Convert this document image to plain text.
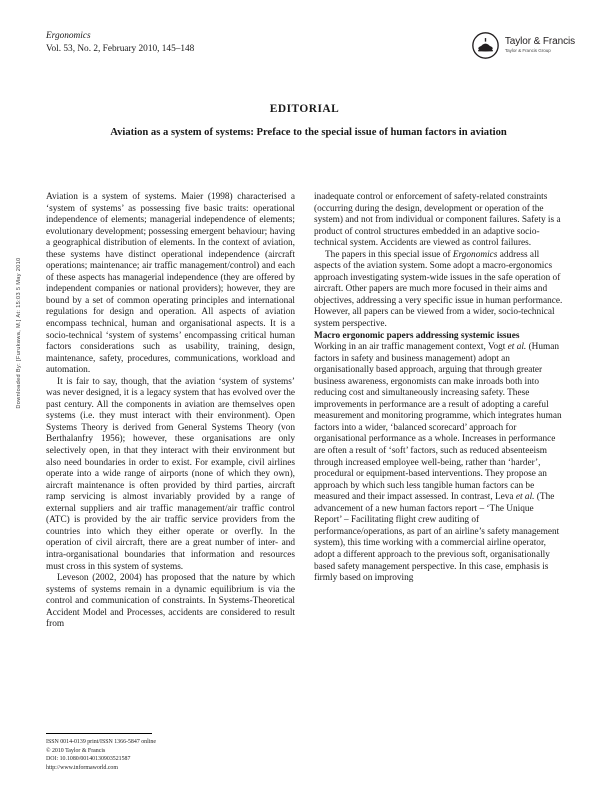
Downloaded By: [Furukawa, M.] At: 15:03 5 May 2010
Ergonomics
Vol. 53, No. 2, February 2010, 145–148
Taylor & Francis
Taylor & Francis Group
EDITORIAL
Aviation as a system of systems: Preface to the special issue of human factors in aviation

Aviation is a system of systems. Maier (1998) characterised a ‘system of systems’ as possessing five basic traits: operational independence of elements; managerial independence of elements; evolutionary development; possessing emergent behaviour; having a geographical distribution of elements. In the context of aviation, these systems have distinct operational independence (aircraft operations; maintenance; air traffic management/control) and each of these aspects has managerial independence (they are offered by independent companies or national providers); however, they are bound by a set of common operating principles and international regulations for design and operation. All aspects of aviation encompass technical, human and organisational aspects. It is a socio-technical ‘system of systems’ encompassing critical human factors considerations such as usability, training, design, maintenance, safety, procedures, communications, workload and automation.

It is fair to say, though, that the aviation ‘system of systems’ was never designed, it is a legacy system that has evolved over the past century. All the components in aviation are themselves open systems (i.e. they must interact with their environment). Open Systems Theory is derived from General Systems Theory (von Berthalanfry 1956); however, these organisations are only selectively open, in that they interact with their environment but also need boundaries in order to exist. For example, civil airlines operate into a wide range of airports (none of which they own), aircraft maintenance is often provided by third parties, aircraft ramp servicing is almost invariably provided by a range of external suppliers and air traffic management/air traffic control (ATC) is provided by the air traffic service providers from the countries into which they either operate or overfly. In the operation of civil aircraft, there are a great number of inter- and intra-organisational boundaries that information and resources must cross in this system of systems.

Leveson (2002, 2004) has proposed that the nature by which systems of systems remain in a dynamic equilibrium is via the control and communication of constraints. In Systems-Theoretical Accident Model and Processes, accidents are considered to result from

inadequate control or enforcement of safety-related constraints (occurring during the design, development or operation of the system) and not from individual or component failures. Safety is a product of control structures embedded in an adaptive socio-technical system. Accidents are viewed as control failures.

The papers in this special issue of Ergonomics address all aspects of the aviation system. Some adopt a macro-ergonomics approach investigating system-wide issues in the safe operation of aircraft. Other papers are much more focused in their aims and objectives, addressing a very specific issue in human performance. However, all papers can be viewed from a wider, socio-technical system perspective.

Macro ergonomic papers addressing systemic issues

Working in an air traffic management context, Vogt et al. (Human factors in safety and business management) adopt an organisationally based approach, arguing that through greater business awareness, ergonomists can make inroads both into reducing cost and simultaneously increasing safety. These improvements in performance are a result of adopting a careful measurement and monitoring programme, which integrates human factors into a wider, ‘balanced scorecard’ approach for organisational performance as a whole. Increases in performance are often a result of ‘soft’ factors, such as reduced absenteeism through increased employee well-being, rather than ‘harder’, procedural or equipment-based interventions. They propose an approach by which such less tangible human factors can be measured and their impact assessed. In contrast, Leva et al. (The advancement of a new human factors report – ‘The Unique Report’ – Facilitating flight crew auditing of performance/operations, as part of an airline’s safety management system), this time working with a commercial airline operator, adopt a different approach to the previous soft, organisationally based safety management perspective. In this case, emphasis is firmly based on improving

ISSN 0014-0139 print/ISSN 1366-5847 online
© 2010 Taylor & Francis
DOI: 10.1080/00140130903521587
http://www.informaworld.com
